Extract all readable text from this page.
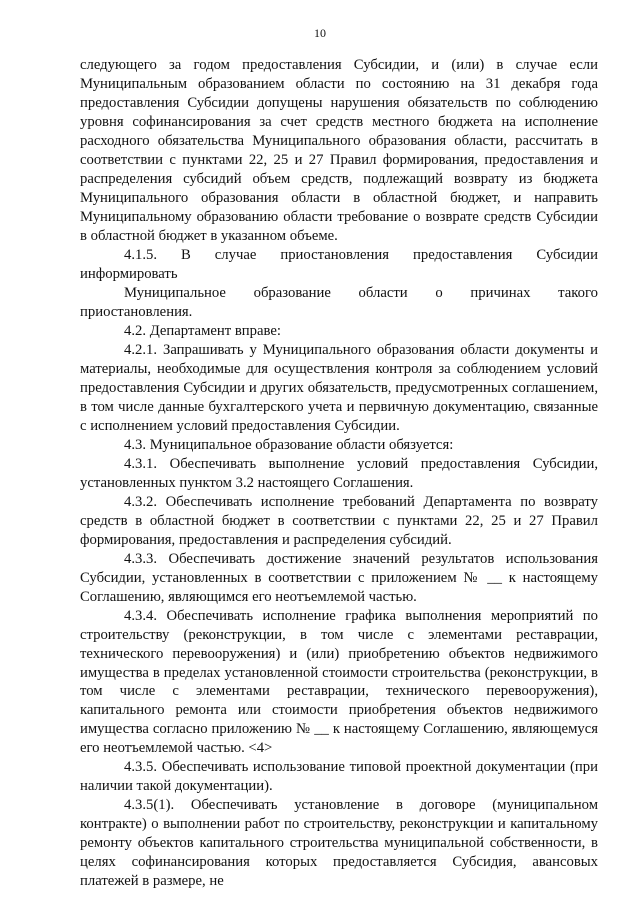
10

следующего за годом предоставления Субсидии, и (или) в случае если Муниципальным образованием области по состоянию на 31 декабря года предоставления Субсидии допущены нарушения обязательств по соблюдению уровня софинансирования за счет средств местного бюджета на исполнение расходного обязательства Муниципального образования области, рассчитать в соответствии с пунктами 22, 25 и 27 Правил формирования, предоставления и распределения субсидий объем средств, подлежащий возврату из бюджета Муниципального образования области в областной бюджет, и направить Муниципальному образованию области требование о возврате средств Субсидии в областной бюджет в указанном объеме.

4.1.5. В случае приостановления предоставления Субсидии информировать

Муниципальное образование области о причинах такого приостановления.

4.2. Департамент вправе:

4.2.1. Запрашивать у Муниципального образования области документы и материалы, необходимые для осуществления контроля за соблюдением условий предоставления Субсидии и других обязательств, предусмотренных соглашением, в том числе данные бухгалтерского учета и первичную документацию, связанные с исполнением условий предоставления Субсидии.

4.3. Муниципальное образование области обязуется:

4.3.1. Обеспечивать выполнение условий предоставления Субсидии, установленных пунктом 3.2 настоящего Соглашения.

4.3.2. Обеспечивать исполнение требований Департамента по возврату средств в областной бюджет в соответствии с пунктами 22, 25 и 27 Правил формирования, предоставления и распределения субсидий.

4.3.3. Обеспечивать достижение значений результатов использования Субсидии, установленных в соответствии с приложением № __ к настоящему Соглашению, являющимся его неотъемлемой частью.

4.3.4. Обеспечивать исполнение графика выполнения мероприятий по строительству (реконструкции, в том числе с элементами реставрации, технического перевооружения) и (или) приобретению объектов недвижимого имущества в пределах установленной стоимости строительства (реконструкции, в том числе с элементами реставрации, технического перевооружения), капитального ремонта или стоимости приобретения объектов недвижимого имущества согласно приложению № __ к настоящему Соглашению, являющемуся его неотъемлемой частью. <4>

4.3.5. Обеспечивать использование типовой проектной документации (при наличии такой документации).

4.3.5(1). Обеспечивать установление в договоре (муниципальном контракте) о выполнении работ по строительству, реконструкции и капитальному ремонту объектов капитального строительства муниципальной собственности, в целях софинансирования которых предоставляется Субсидия, авансовых платежей в размере, не
